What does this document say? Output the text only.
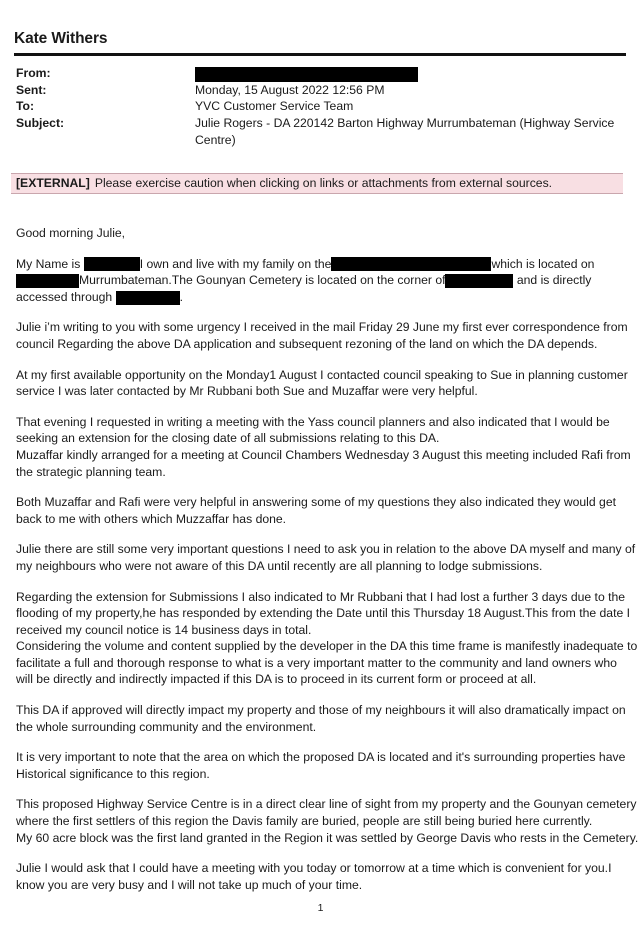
Kate Withers
From:
Sent:	Monday, 15 August 2022 12:56 PM
To:	YVC Customer Service Team
Subject:	Julie Rogers - DA 220142 Barton Highway Murrumbateman (Highway Service
Centre)
[EXTERNAL] Please exercise caution when clicking on links or attachments from external sources.

Good morning Julie,

My Name is	I own and live with my family on the	which is located on
Murrumbateman.The Gounyan Cemetery is located on the corner of	and is directly
accessed through	.

Julie i’m writing to you with some urgency I received in the mail Friday 29 June my first ever correspondence from
council Regarding the above DA application and subsequent rezoning of the land on which the DA depends.

At my first available opportunity on the Monday1 August I contacted council speaking to Sue in planning customer
service I was later contacted by Mr Rubbani both Sue and Muzaffar were very helpful.

That evening I requested in writing a meeting with the Yass council planners and also indicated that I would be
seeking an extension for the closing date of all submissions relating to this DA.
Muzaffar kindly arranged for a meeting at Council Chambers Wednesday 3 August this meeting included Rafi from
the strategic planning team.

Both Muzaffar and Rafi were very helpful in answering some of my questions they also indicated they would get
back to me with others which Muzzaffar has done.

Julie there are still some very important questions I need to ask you in relation to the above DA myself and many of
my neighbours who were not aware of this DA until recently are all planning to lodge submissions.

Regarding the extension for Submissions I also indicated to Mr Rubbani that I had lost a further 3 days due to the
flooding of my property,he has responded by extending the Date until this Thursday 18 August.This from the date I
received my council notice is 14 business days in total.
Considering the volume and content supplied by the developer in the DA this time frame is manifestly inadequate to
facilitate a full and thorough response to what is a very important matter to the community and land owners who
will be directly and indirectly impacted if this DA is to proceed in its current form or proceed at all.

This DA if approved will directly impact my property and those of my neighbours it will also dramatically impact on
the whole surrounding community and the environment.

It is very important to note that the area on which the proposed DA is located and it's surrounding properties have
Historical significance to this region.

This proposed Highway Service Centre is in a direct clear line of sight from my property and the Gounyan cemetery
where the first settlers of this region the Davis family are buried, people are still being buried here currently.
My 60 acre block was the first land granted in the Region it was settled by George Davis who rests in the Cemetery.

Julie I would ask that I could have a meeting with you today or tomorrow at a time which is convenient for you.I
know you are very busy and I will not take up much of your time.

1
